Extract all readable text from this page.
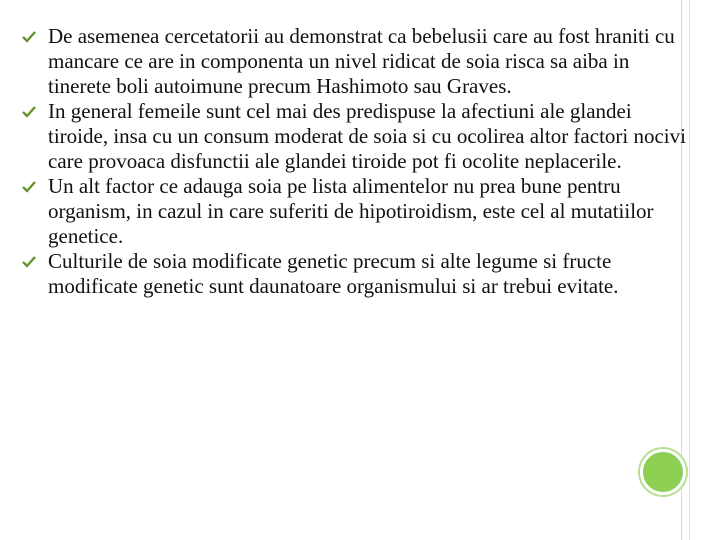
De asemenea cercetatorii au demonstrat ca bebelusii care au fost hraniti cu mancare ce are in componenta un nivel ridicat de soia risca sa aiba in tinerete boli autoimune precum Hashimoto sau Graves.

In general femeile sunt cel mai des predispuse la afectiuni ale glandei tiroide, insa cu un consum moderat de soia si cu ocolirea altor factori nocivi care provoaca disfunctii ale glandei tiroide pot fi ocolite neplacerile.

Un alt factor ce adauga soia pe lista alimentelor nu prea bune pentru organism, in cazul in care suferiti de hipotiroidism, este cel al mutatiilor genetice.

Culturile de soia modificate genetic precum si alte legume si fructe modificate genetic sunt daunatoare organismului si ar trebui evitate.
